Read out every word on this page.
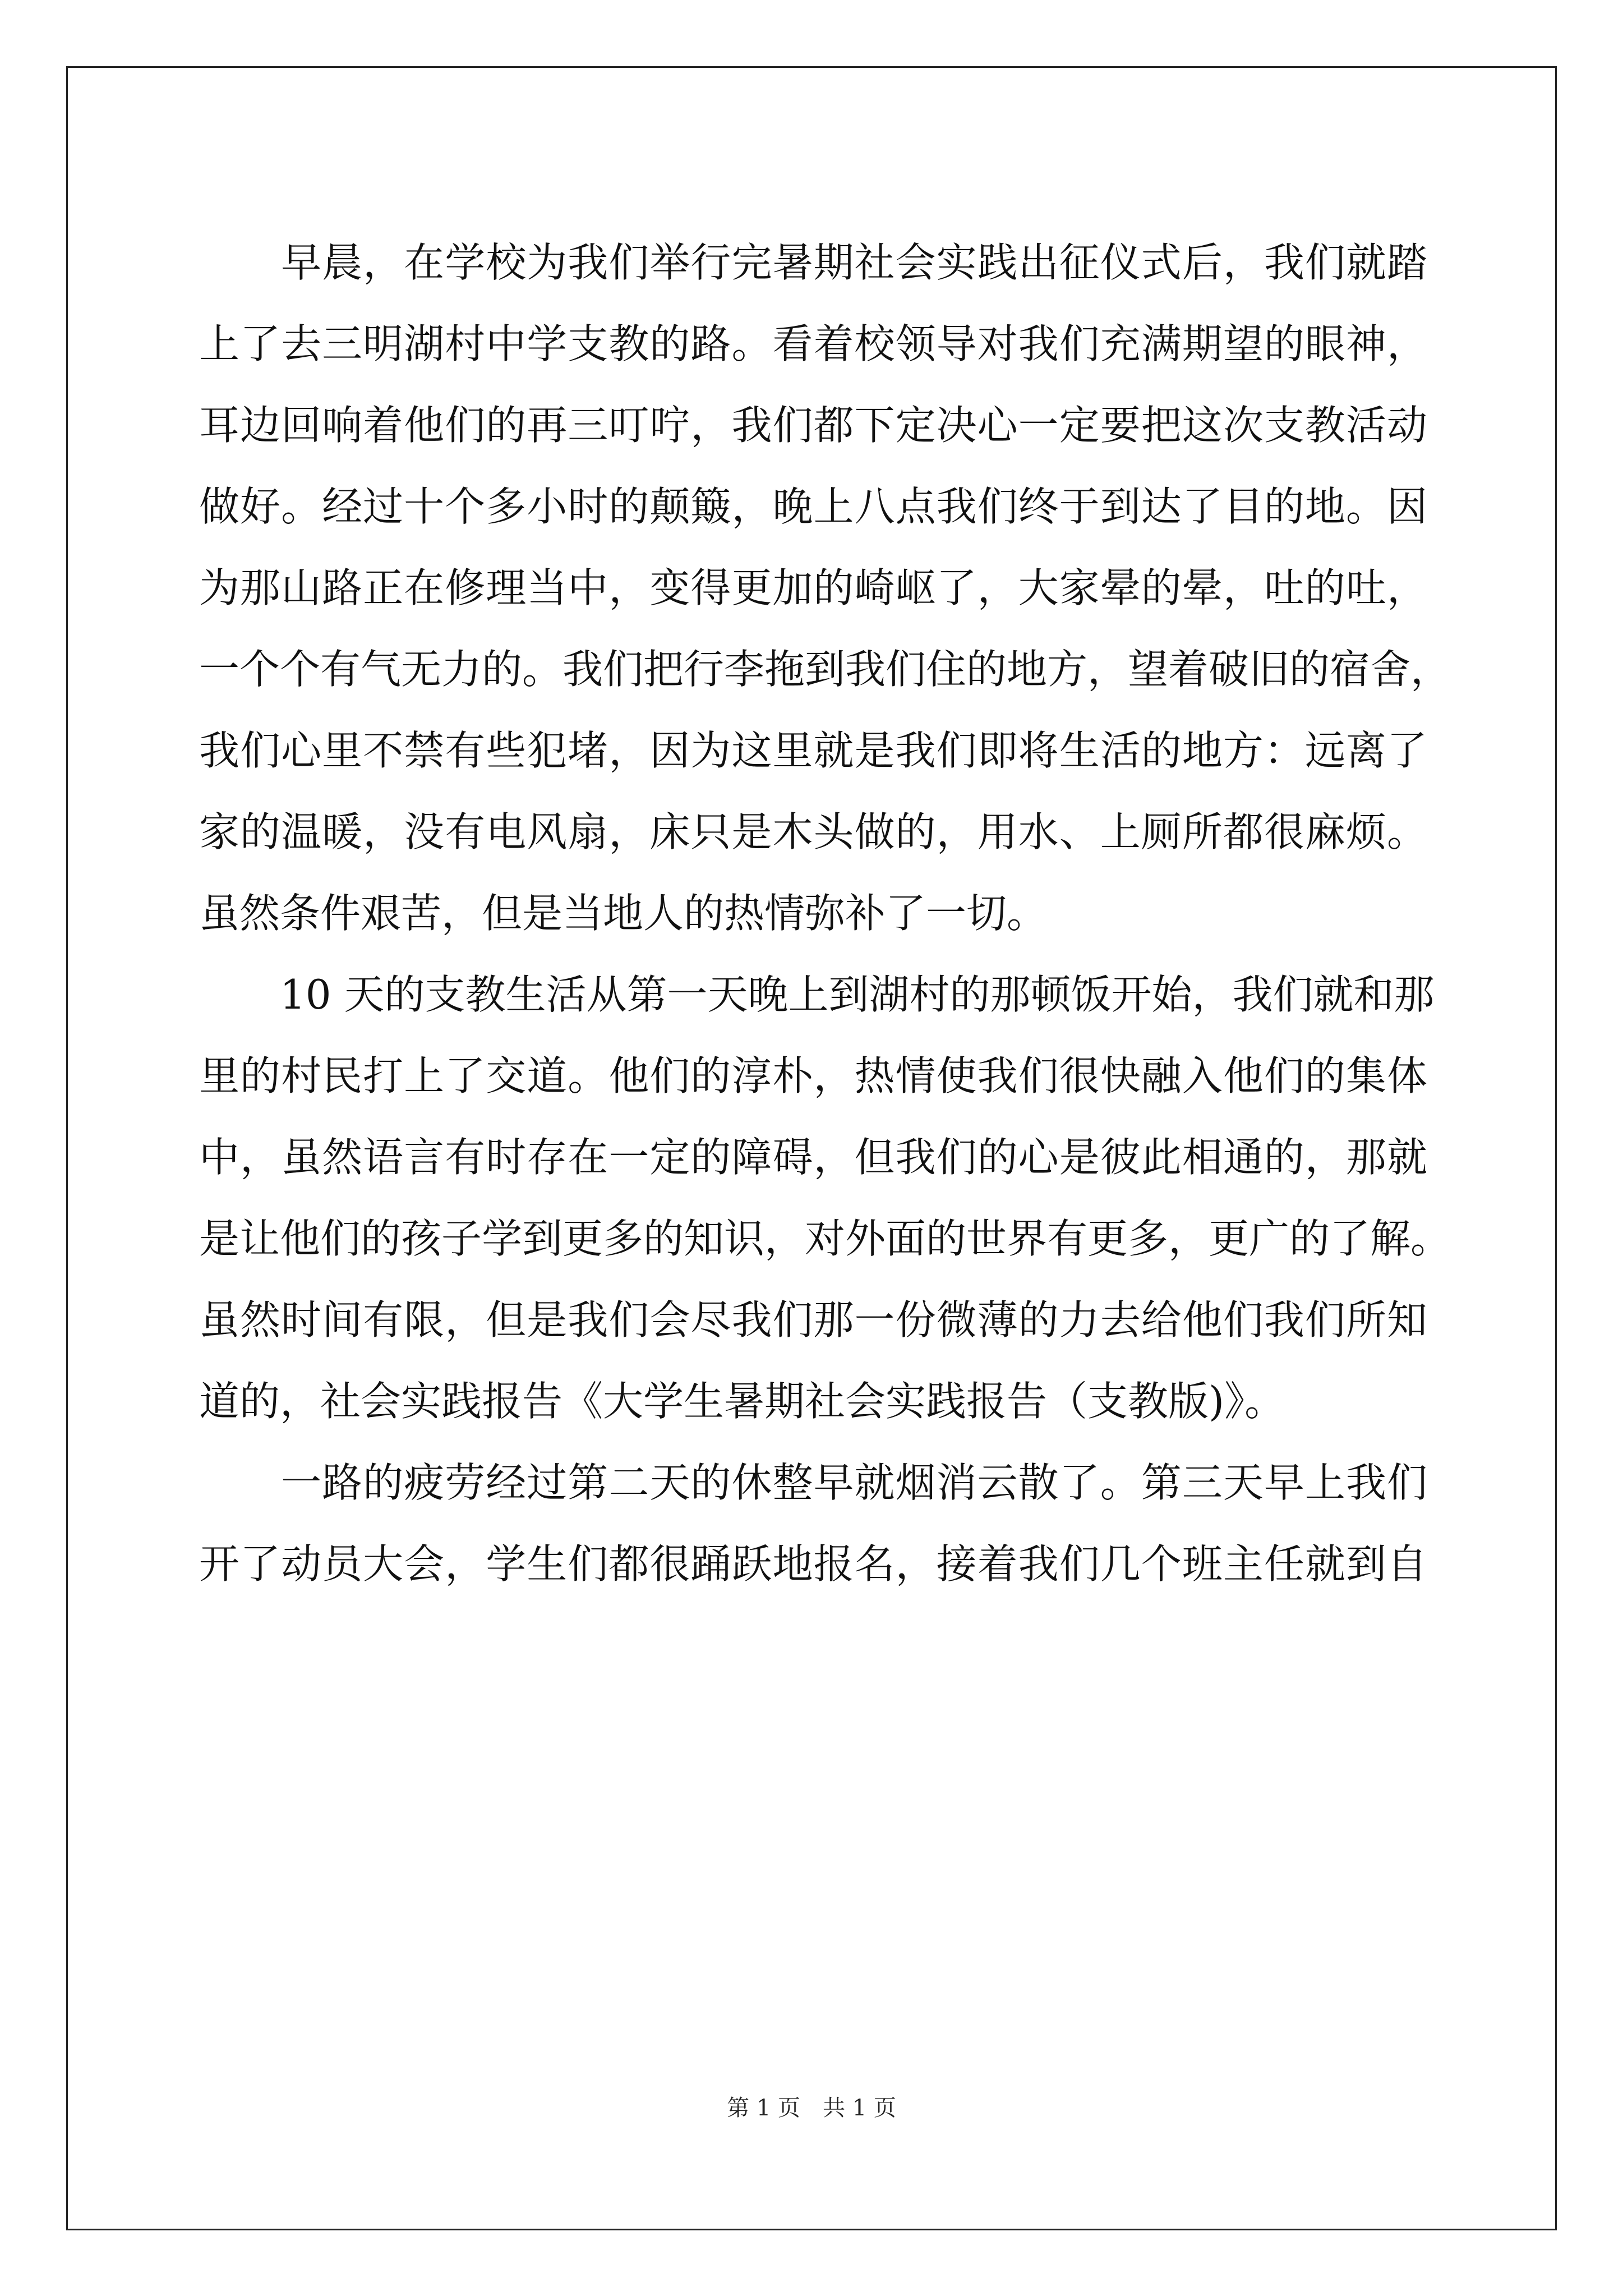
　　早晨，在学校为我们举行完暑期社会实践出征仪式后，我们就踏
上了去三明湖村中学支教的路。看着校领导对我们充满期望的眼神，
耳边回响着他们的再三叮咛，我们都下定决心一定要把这次支教活动
做好。经过十个多小时的颠簸，晚上八点我们终于到达了目的地。因
为那山路正在修理当中，变得更加的崎岖了，大家晕的晕，吐的吐，
一个个有气无力的。我们把行李拖到我们住的地方，望着破旧的宿舍，
我们心里不禁有些犯堵，因为这里就是我们即将生活的地方：远离了
家的温暖，没有电风扇，床只是木头做的，用水、上厕所都很麻烦。
虽然条件艰苦，但是当地人的热情弥补了一切。
　　10 天的支教生活从第一天晚上到湖村的那顿饭开始，我们就和那
里的村民打上了交道。他们的淳朴，热情使我们很快融入他们的集体
中，虽然语言有时存在一定的障碍，但我们的心是彼此相通的，那就
是让他们的孩子学到更多的知识，对外面的世界有更多，更广的了解。
虽然时间有限，但是我们会尽我们那一份微薄的力去给他们我们所知
道的，社会实践报告《大学生暑期社会实践报告（支教版)》。
　　一路的疲劳经过第二天的休整早就烟消云散了。第三天早上我们
开了动员大会，学生们都很踊跃地报名，接着我们几个班主任就到自
第 1 页　共 1 页
